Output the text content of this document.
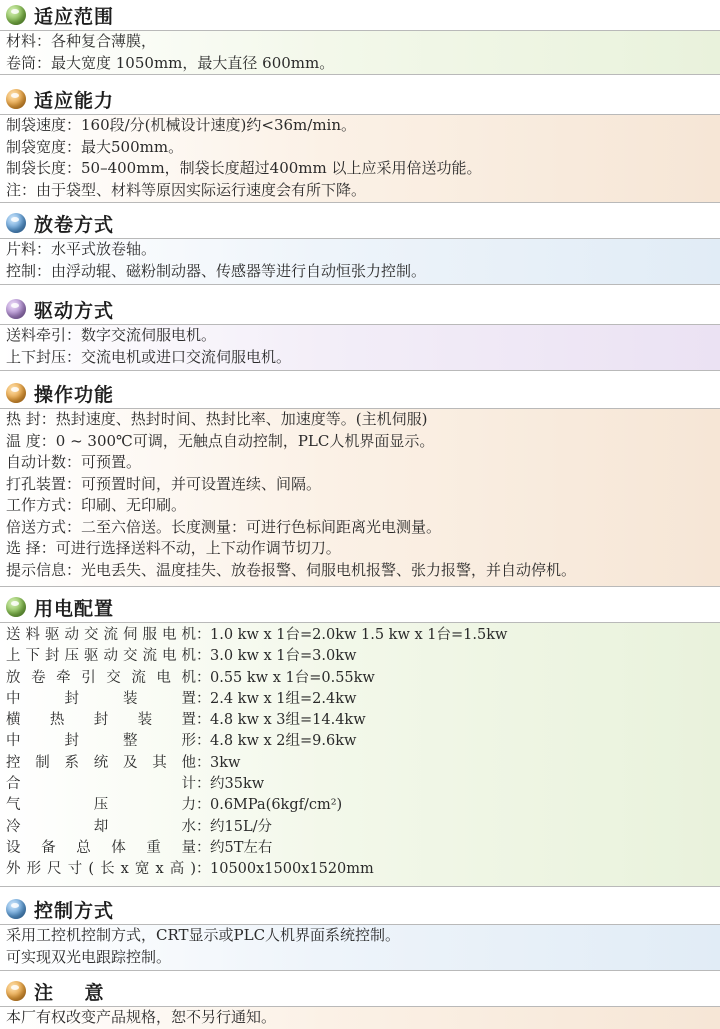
适应范围
材料：各种复合薄膜，
卷筒：最大宽度 1050mm，最大直径 600mm。
适应能力
制袋速度：160段/分(机械设计速度)约<36m/min。
制袋宽度：最大500mm。
制袋长度：50–400mm，制袋长度超过400mm 以上应采用倍送功能。
注：由于袋型、材料等原因实际运行速度会有所下降。
放卷方式
片料：水平式放卷轴。
控制：由浮动辊、磁粉制动器、传感器等进行自动恒张力控制。
驱动方式
送料牵引：数字交流伺服电机。
上下封压：交流电机或进口交流伺服电机。
操作功能
热 封：热封速度、热封时间、热封比率、加速度等。(主机伺服)
温 度：0 ~ 300℃可调，无触点自动控制，PLC人机界面显示。
自动计数：可预置。
打孔装置：可预置时间，并可设置连续、间隔。
工作方式：印刷、无印刷。
倍送方式：二至六倍送。长度测量：可进行色标间距离光电测量。
选 择：可进行选择送料不动，上下动作调节切刀。
提示信息：光电丢失、温度挂失、放卷报警、伺服电机报警、张力报警，并自动停机。
用电配置
送 料 驱 动 交 流 伺 服 电 机 ： 1.0 kw x 1台=2.0kw 1.5 kw x 1台=1.5kw
上 下 封 压 驱 动 交 流 电 机 ： 3.0 kw x 1台=3.0kw
放 卷 牵 引 交 流 电 机 ： 0.55 kw x 1台=0.55kw
中	封	装	置 ： 2.4 kw x 1组=2.4kw
横 热 封 装 置 ： 4.8 kw x 3组=14.4kw
中	封	整	形 ： 4.8 kw x 2组=9.6kw
控 制 系 统 及 其 他 ： 3kw
合	计 ： 约35kw
气	压	力 ： 0.6MPa(6kgf/cm²)
冷	却	水 ： 约15L/分
设 备 总 体 重 量 ： 约5T左右
外 形 尺 寸 ( 长 x 宽 x 高 ) ： 10500x1500x1520mm
控制方式
采用工控机控制方式，CRT显示或PLC人机界面系统控制。
可实现双光电跟踪控制。
注    意
本厂有权改变产品规格，恕不另行通知。
